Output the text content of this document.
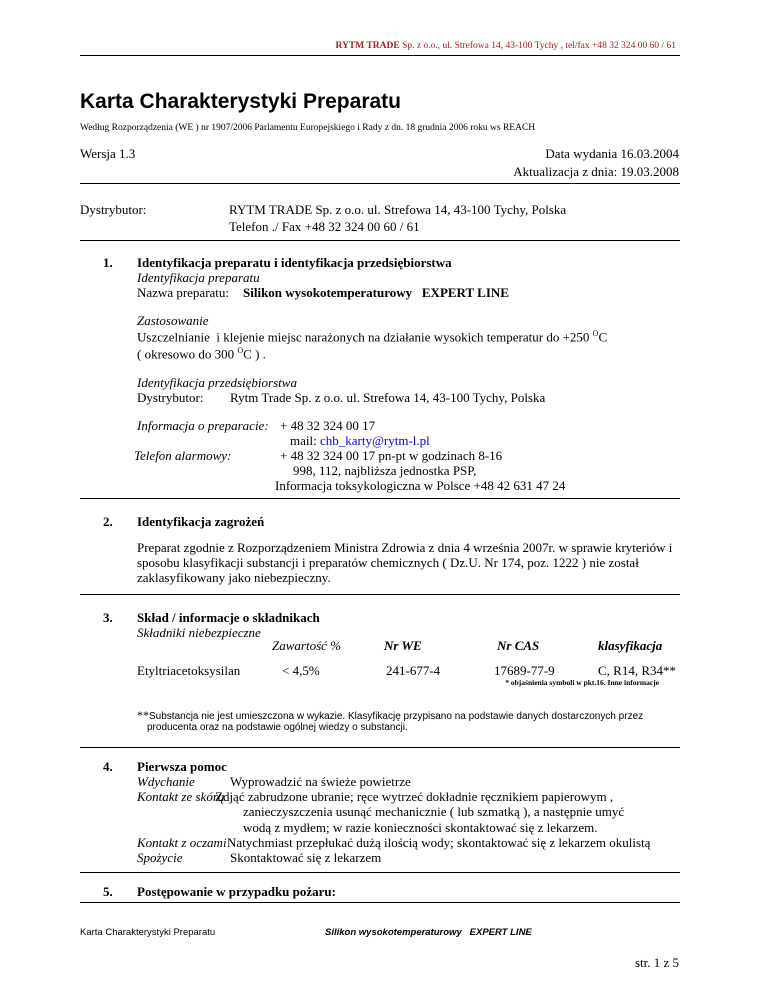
RYTM TRADE Sp. z o.o., ul. Strefowa 14, 43-100 Tychy , tel/fax +48 32 324 00 60 / 61
Karta Charakterystyki Preparatu
Według Rozporządzenia (WE ) nr 1907/2006 Parlamentu Europejskiego i Rady z dn. 18 grudnia 2006 roku ws REACH
Wersja 1.3	Data wydania 16.03.2004
Aktualizacja z dnia: 19.03.2008
Dystrybutor:	RYTM TRADE Sp. z o.o. ul. Strefowa 14, 43-100 Tychy, Polska
Telefon ./ Fax +48 32 324 00 60 / 61
1. Identyfikacja preparatu i identyfikacja przedsiębiorstwa
Identyfikacja preparatu
Nazwa preparatu: Silikon wysokotemperaturowy   EXPERT LINE
Zastosowanie
Uszczelnianie  i klejenie miejsc narażonych na działanie wysokich temperatur do +250 $^O$C
( okresowo do 300 $^O$C ) .
Identyfikacja przedsiębiorstwa
Dystrybutor: Rytm Trade Sp. z o.o. ul. Strefowa 14, 43-100 Tychy, Polska
Informacja o preparacie: + 48 32 324 00 17
mail: chb_karty@rytm-l.pl
Telefon alarmowy:	+ 48 32 324 00 17 pn-pt w godzinach 8-16
998, 112, najbliższa jednostka PSP,
Informacja toksykologiczna w Polsce +48 42 631 47 24
2. Identyfikacja zagrożeń
Preparat zgodnie z Rozporządzeniem Ministra Zdrowia z dnia 4 września 2007r. w sprawie kryteriów i
sposobu klasyfikacji substancji i preparatów chemicznych ( Dz.U. Nr 174, poz. 1222 ) nie został
zaklasyfikowany jako niebezpieczny.
3. Skład / informacje o składnikach
Składniki niebezpieczne
Zawartość %	Nr WE	Nr CAS	klasyfikacja
Etyltriacetoksysilan	< 4,5%	241-677-4	17689-77-9	C, R14, R34**
* objaśnienia symboli w pkt.16. Inne informacje
**Substancja nie jest umieszczona w wykazie. Klasyfikację przypisano na podstawie danych dostarczonych przez
producenta oraz na podstawie ogólnej wiedzy o substancji.
4. Pierwsza pomoc
Wdychanie	Wyprowadzić na świeże powietrze
Kontakt ze skórą
Zdjąć zabrudzone ubranie; ręce wytrzeć dokładnie ręcznikiem papierowym ,
zanieczyszczenia usunąć mechanicznie ( lub szmatką ), a następnie umyć
wodą z mydłem; w razie konieczności skontaktować się z lekarzem.
Kontakt z oczami Natychmiast przepłukać dużą ilością wody; skontaktować się z lekarzem okulistą
Spożycie	Skontaktować się z lekarzem
5. Postępowanie w przypadku pożaru:
Karta Charakterystyki Preparatu	Silikon wysokotemperaturowy   EXPERT LINE
str. 1 z 5
